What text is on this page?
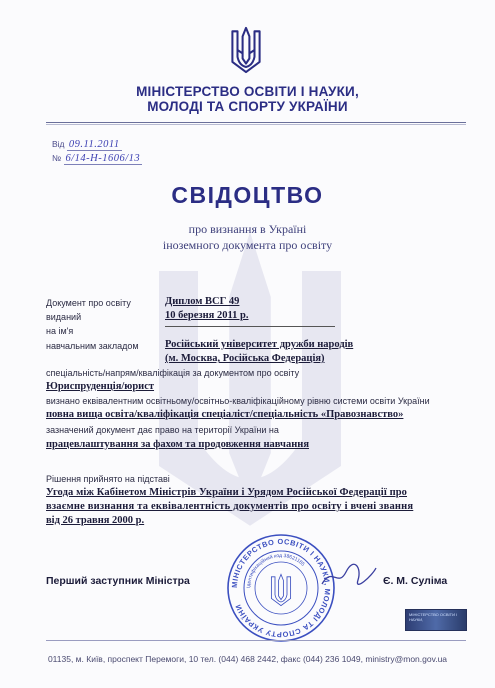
МІНІСТЕРСТВО ОСВІТИ І НАУКИ,
МОЛОДІ ТА СПОРТУ УКРАЇНИ
Від 09.11.2011
№ 6/14-Н-1606/13
СВІДОЦТВО
про визнання в Україні
іноземного документа про освіту
Документ про освіту	Диплом ВСГ 49
виданий	10 березня 2011 р.
на ім'я
навчальним закладом	Російський університет дружби народів
(м. Москва, Російська Федерація)
спеціальність/напрям/кваліфікація за документом про освіту
Юриспруденція/юрист
визнано еквівалентним освітньому/освітньо-кваліфікаційному рівню системи освіти України
повна вища освіта/кваліфікація спеціаліст/спеціальність «Правознавство»
зазначений документ дає право на території України на
працевлаштування за фахом та продовження навчання
Рішення прийнято на підставі
Угода між Кабінетом Міністрів України і Урядом Російської Федерації про
взаємне визнання та еквівалентність документів про освіту і вчені звання
від 26 травня 2000 р.
МІНІСТЕРСТВО ОСВІТИ І НАУКИ, МОЛОДІ ТА СПОРТУ УКРАЇНИ
Ідентифікаційний код 38621185
Перший заступник Міністра	Є. М. Суліма
МІНІСТЕРСТВО ОСВІТИ І НАУКИ,
01135, м. Київ, проспект Перемоги, 10 тел. (044) 468 2442, факс (044) 236 1049, ministry@mon.gov.ua
